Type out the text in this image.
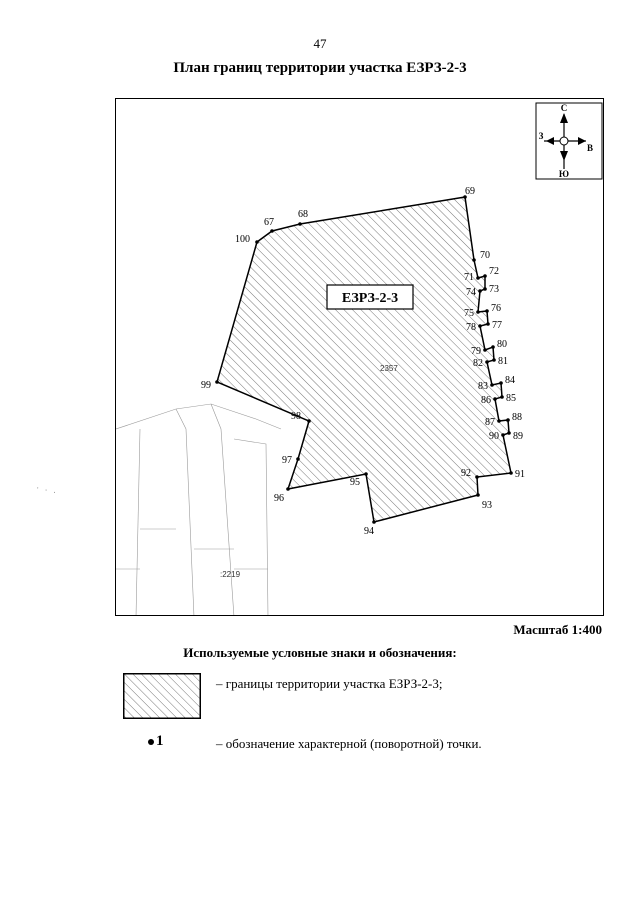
47
План границ территории участка ЕЗРЗ-2-3
67
68
69
70
71
72
73
74
75 76
77
78
79
80
81
82
83
84
85
86
87 88
89
90
91
92
93
94
95
96
97
98
99
100
ЕЗРЗ-2-3
2357
:2219
С
Ю
З
В
Масштаб 1:400
Используемые условные знаки и обозначения:
– границы территории участка ЕЗРЗ-2-3;
1	– обозначение характерной (поворотной) точки.
· · ·
